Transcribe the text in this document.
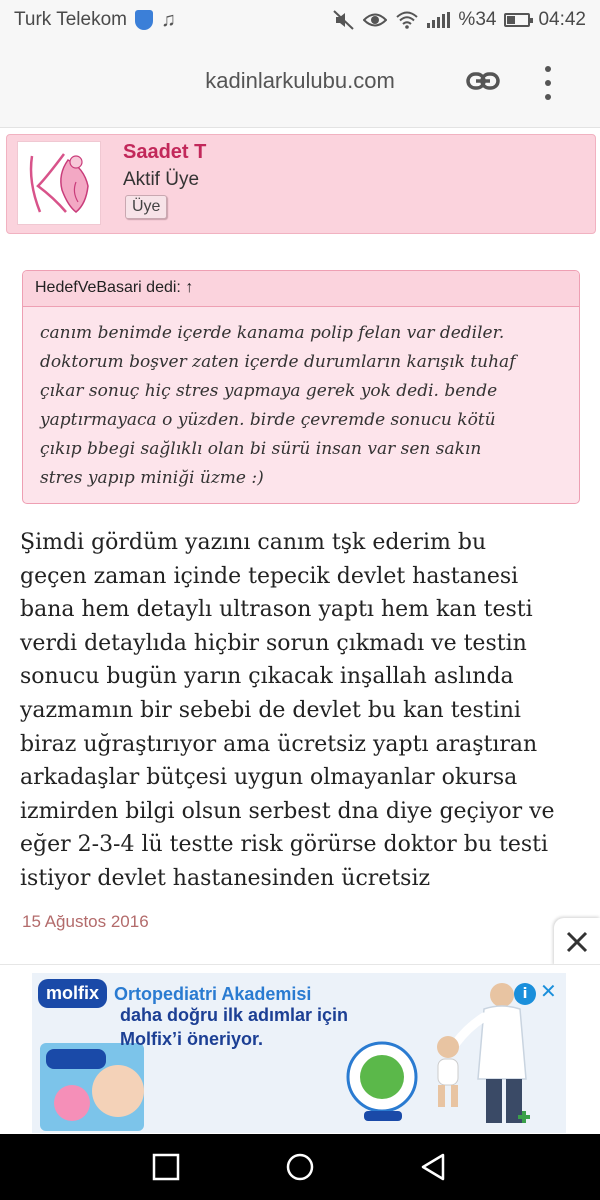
Turk Telekom ♫	%34 04:42
kadinlarkulubu.com
Saadet T
Aktif Üye
Üye
HedefVeBasari dedi: ↑
canım benimde içerde kanama polip felan var dediler.
doktorum boşver zaten içerde durumların karışık tuhaf
çıkar sonuç hiç stres yapmaya gerek yok dedi. bende
yaptırmayaca o yüzden. birde çevremde sonucu kötü
çıkıp bbegi sağlıklı olan bi sürü insan var sen sakın
stres yapıp miniği üzme :)
Şimdi gördüm yazını canım tşk ederim bu
geçen zaman içinde tepecik devlet hastanesi
bana hem detaylı ultrason yaptı hem kan testi
verdi detaylıda hiçbir sorun çıkmadı ve testin
sonucu bugün yarın çıkacak inşallah aslında
yazmamın bir sebebi de devlet bu kan testini
biraz uğraştırıyor ama ücretsiz yaptı araştıran
arkadaşlar bütçesi uygun olmayanlar okursa
izmirden bilgi olsun serbest dna diye geçiyor ve
eğer 2-3-4 lü testte risk görürse doktor bu testi
istiyor devlet hastanesinden ücretsiz
15 Ağustos 2016
molfix Ortopediatri Akademisi
daha doğru ilk adımlar için
Molfix’i öneriyor.
i ✕
